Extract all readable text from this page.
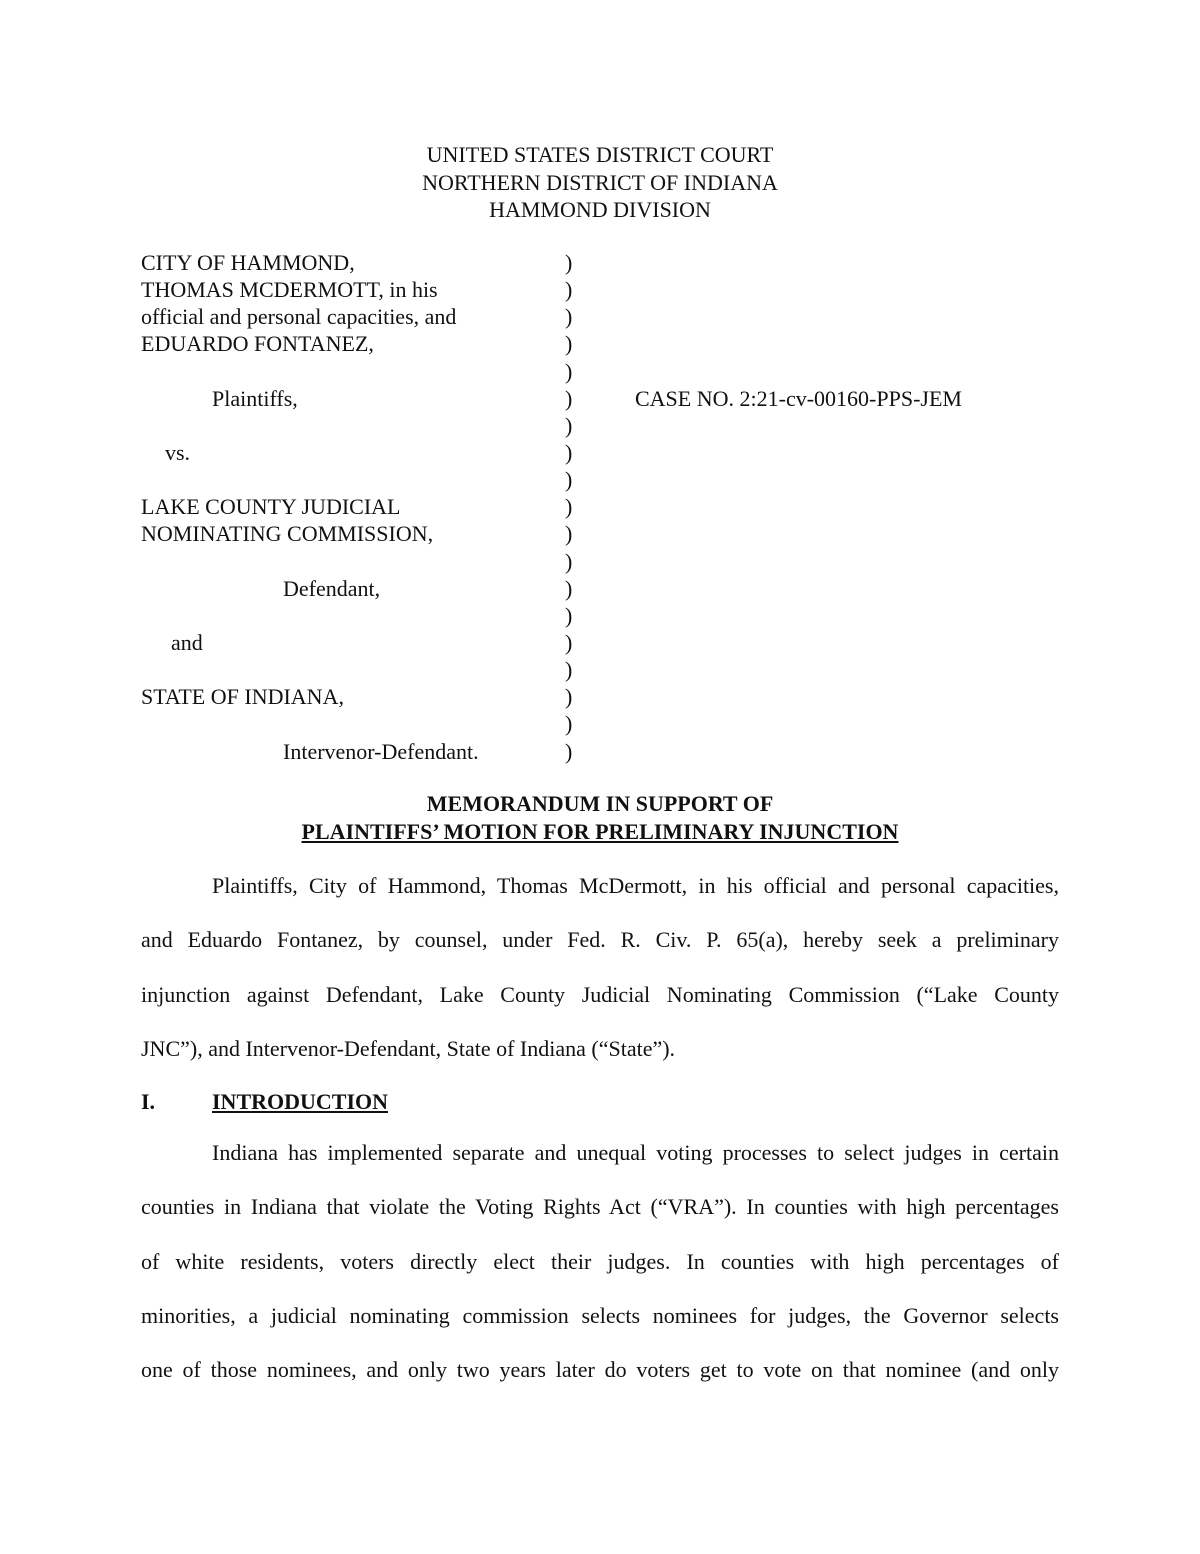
UNITED STATES DISTRICT COURT
NORTHERN DISTRICT OF INDIANA
HAMMOND DIVISION
CITY OF HAMMOND,	)
THOMAS MCDERMOTT, in his	)
official and personal capacities, and	)
EDUARDO FONTANEZ,	)
)
Plaintiffs,	)	CASE NO. 2:21-cv-00160-PPS-JEM
)
vs.	)
)
LAKE COUNTY JUDICIAL	)
NOMINATING COMMISSION,	)
)
Defendant,	)
)
and	)
)
STATE OF INDIANA,	)
)
Intervenor-Defendant.	)
MEMORANDUM IN SUPPORT OF
PLAINTIFFS’ MOTION FOR PRELIMINARY INJUNCTION
Plaintiffs, City of Hammond, Thomas McDermott, in his official and personal capacities,
and Eduardo Fontanez, by counsel, under Fed. R. Civ. P. 65(a), hereby seek a preliminary
injunction against Defendant, Lake County Judicial Nominating Commission (“Lake County
JNC”), and Intervenor-Defendant, State of Indiana (“State”).
I.	INTRODUCTION
Indiana has implemented separate and unequal voting processes to select judges in certain
counties in Indiana that violate the Voting Rights Act (“VRA”). In counties with high percentages
of white residents, voters directly elect their judges. In counties with high percentages of
minorities, a judicial nominating commission selects nominees for judges, the Governor selects
one of those nominees, and only two years later do voters get to vote on that nominee (and only
